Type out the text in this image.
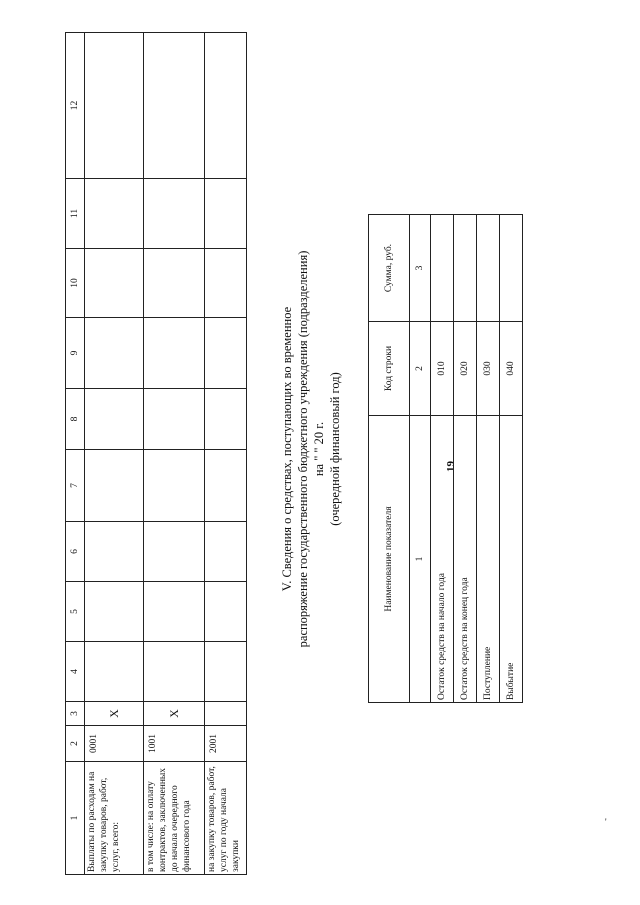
19
1	2	3	4	5	6	7	8	9	10	11	12
Выплаты по расходам на закупку товаров, работ, услуг, всего:	0001	X									
в том числе: на оплату контрактов, заключенных до начала очередного финансового года	1001	X									
на закупку товаров, работ, услуг по году начала закупки	2001										
V. Сведения о средствах, поступающих во временное распоряжение государственного бюджетного учреждения (подразделения) на " " 20 г. (очередной финансовый год)
Наименование показателя	Код строки	Сумма, руб.
1	2	3
Остаток средств на начало года	010	
Остаток средств на конец года	020	
Поступление	030	
Выбытие	040	
'
